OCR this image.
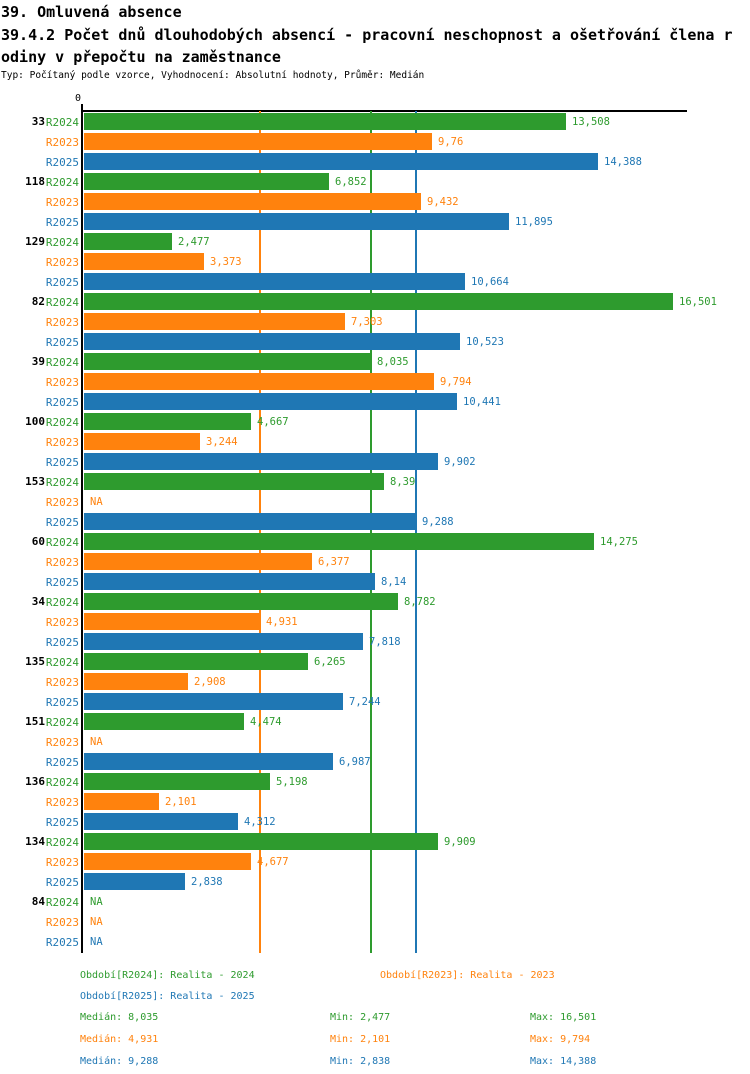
39. Omluvená absence
39.4.2 Počet dnů dlouhodobých absencí - pracovní neschopnost a ošetřování člena r
odiny v přepočtu na zaměstnance
Typ: Počítaný podle vzorce, Vyhodnocení: Absolutní hodnoty, Průměr: Medián
0
33 R2024	13,508
R2023	9,76
R2025	14,388
118 R2024	6,852
R2023	9,432
R2025	11,895
129 R2024	2,477
R2023	3,373
R2025	10,664
82 R2024	16,501
R2023	7,303
R2025	10,523
39 R2024	8,035
R2023	9,794
R2025	10,441
100 R2024	4,667
R2023	3,244
R2025	9,902
153 R2024	8,39
R2023 NA
R2025	9,288
60 R2024	14,275
R2023	6,377
R2025	8,14
34 R2024	8,782
R2023	4,931
R2025	7,818
135 R2024	6,265
R2023	2,908
R2025	7,244
151 R2024	4,474
R2023 NA
R2025	6,987
136 R2024	5,198
R2023	2,101
R2025	4,312
134 R2024	9,909
R2023	4,677
R2025	2,838
84 R2024 NA
R2023 NA
R2025 NA
Období[R2024]: Realita - 2024	Období[R2023]: Realita - 2023
Období[R2025]: Realita - 2025
Medián: 8,035	Min: 2,477	Max: 16,501
Medián: 4,931	Min: 2,101	Max: 9,794
Medián: 9,288	Min: 2,838	Max: 14,388
